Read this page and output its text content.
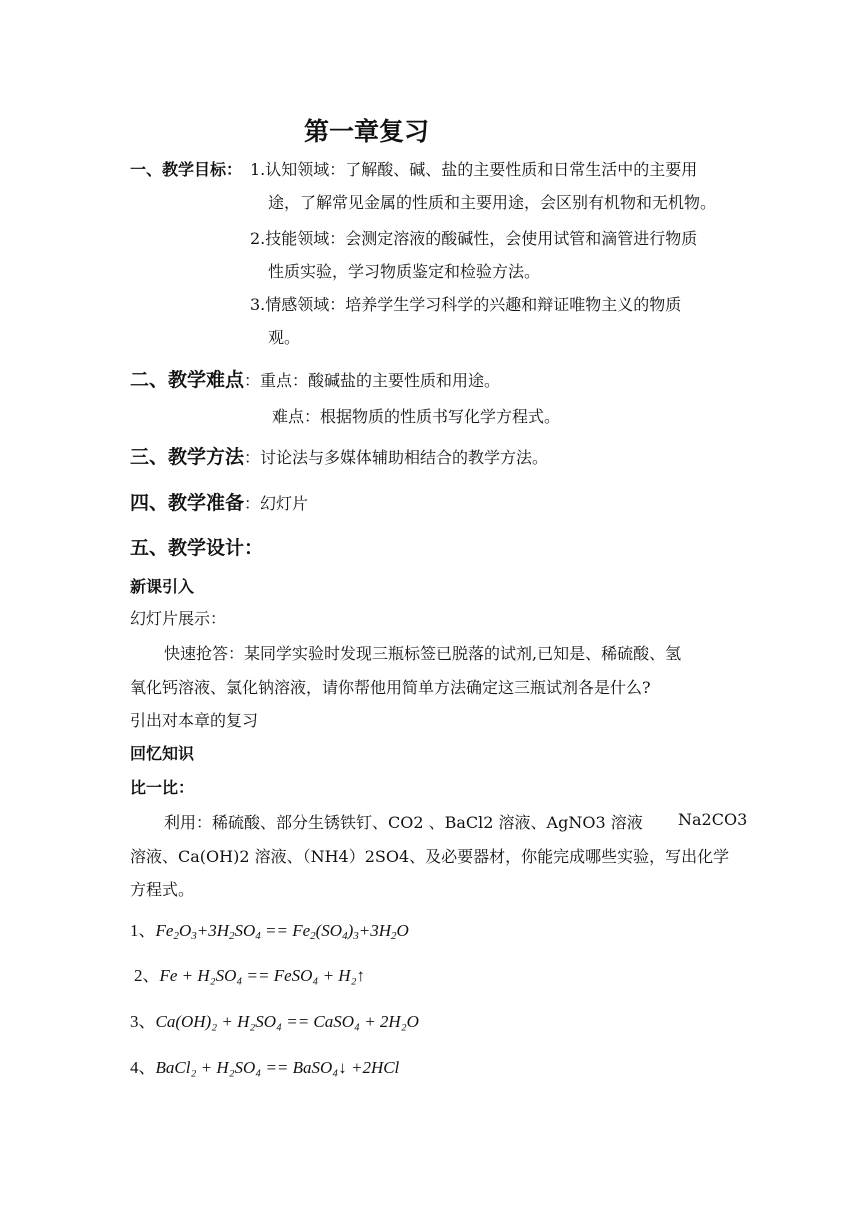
第一章复习
一、教学目标 ： 1.认知领域：了解酸、碱、盐的主要性质和日常生活中的主要用
途，了解常见金属的性质和主要用途，会区别有机物和无机物。
2.技能领域：会测定溶液的酸碱性，会使用试管和滴管进行物质
性质实验，学习物质鉴定和检验方法。
3.情感领域：培养学生学习科学的兴趣和辩证唯物主义的物质
观。
二、教学难点 ： 重点：酸碱盐的主要性质和用途。
难点：根据物质的性质书写化学方程式。
三、教学方法 ： 讨论法与多媒体辅助相结合的教学方法。
四、教学准备 ： 幻灯片
五、教学设计：
新课引入
幻灯片展示：
快速抢答：某同学实验时发现三瓶标签已脱落的试剂,已知是、稀硫酸、氢
氧化钙溶液、氯化钠溶液，请你帮他用简单方法确定这三瓶试剂各是什么?
引出对本章的复习
回忆知识
比一比：
利用：稀硫酸、部分生锈铁钉、CO2 、BaCl2 溶液、AgNO3 溶液 Na2CO3
溶液、Ca(OH)2 溶液、（NH4）2SO4、及必要器材，你能完成哪些实验，写出化学
方程式。
1、 $Fe_2O_3+3H_2SO_4 == Fe_2(SO_4)_3+3H_2O$
2、 Fe + H₂SO₄ == FeSO₄ + H₂↑
3、 Ca(OH)₂ + H₂SO₄ == CaSO₄ + 2H₂O
4、 BaCl₂ + H₂SO₄ == BaSO₄↓ +2HCl
